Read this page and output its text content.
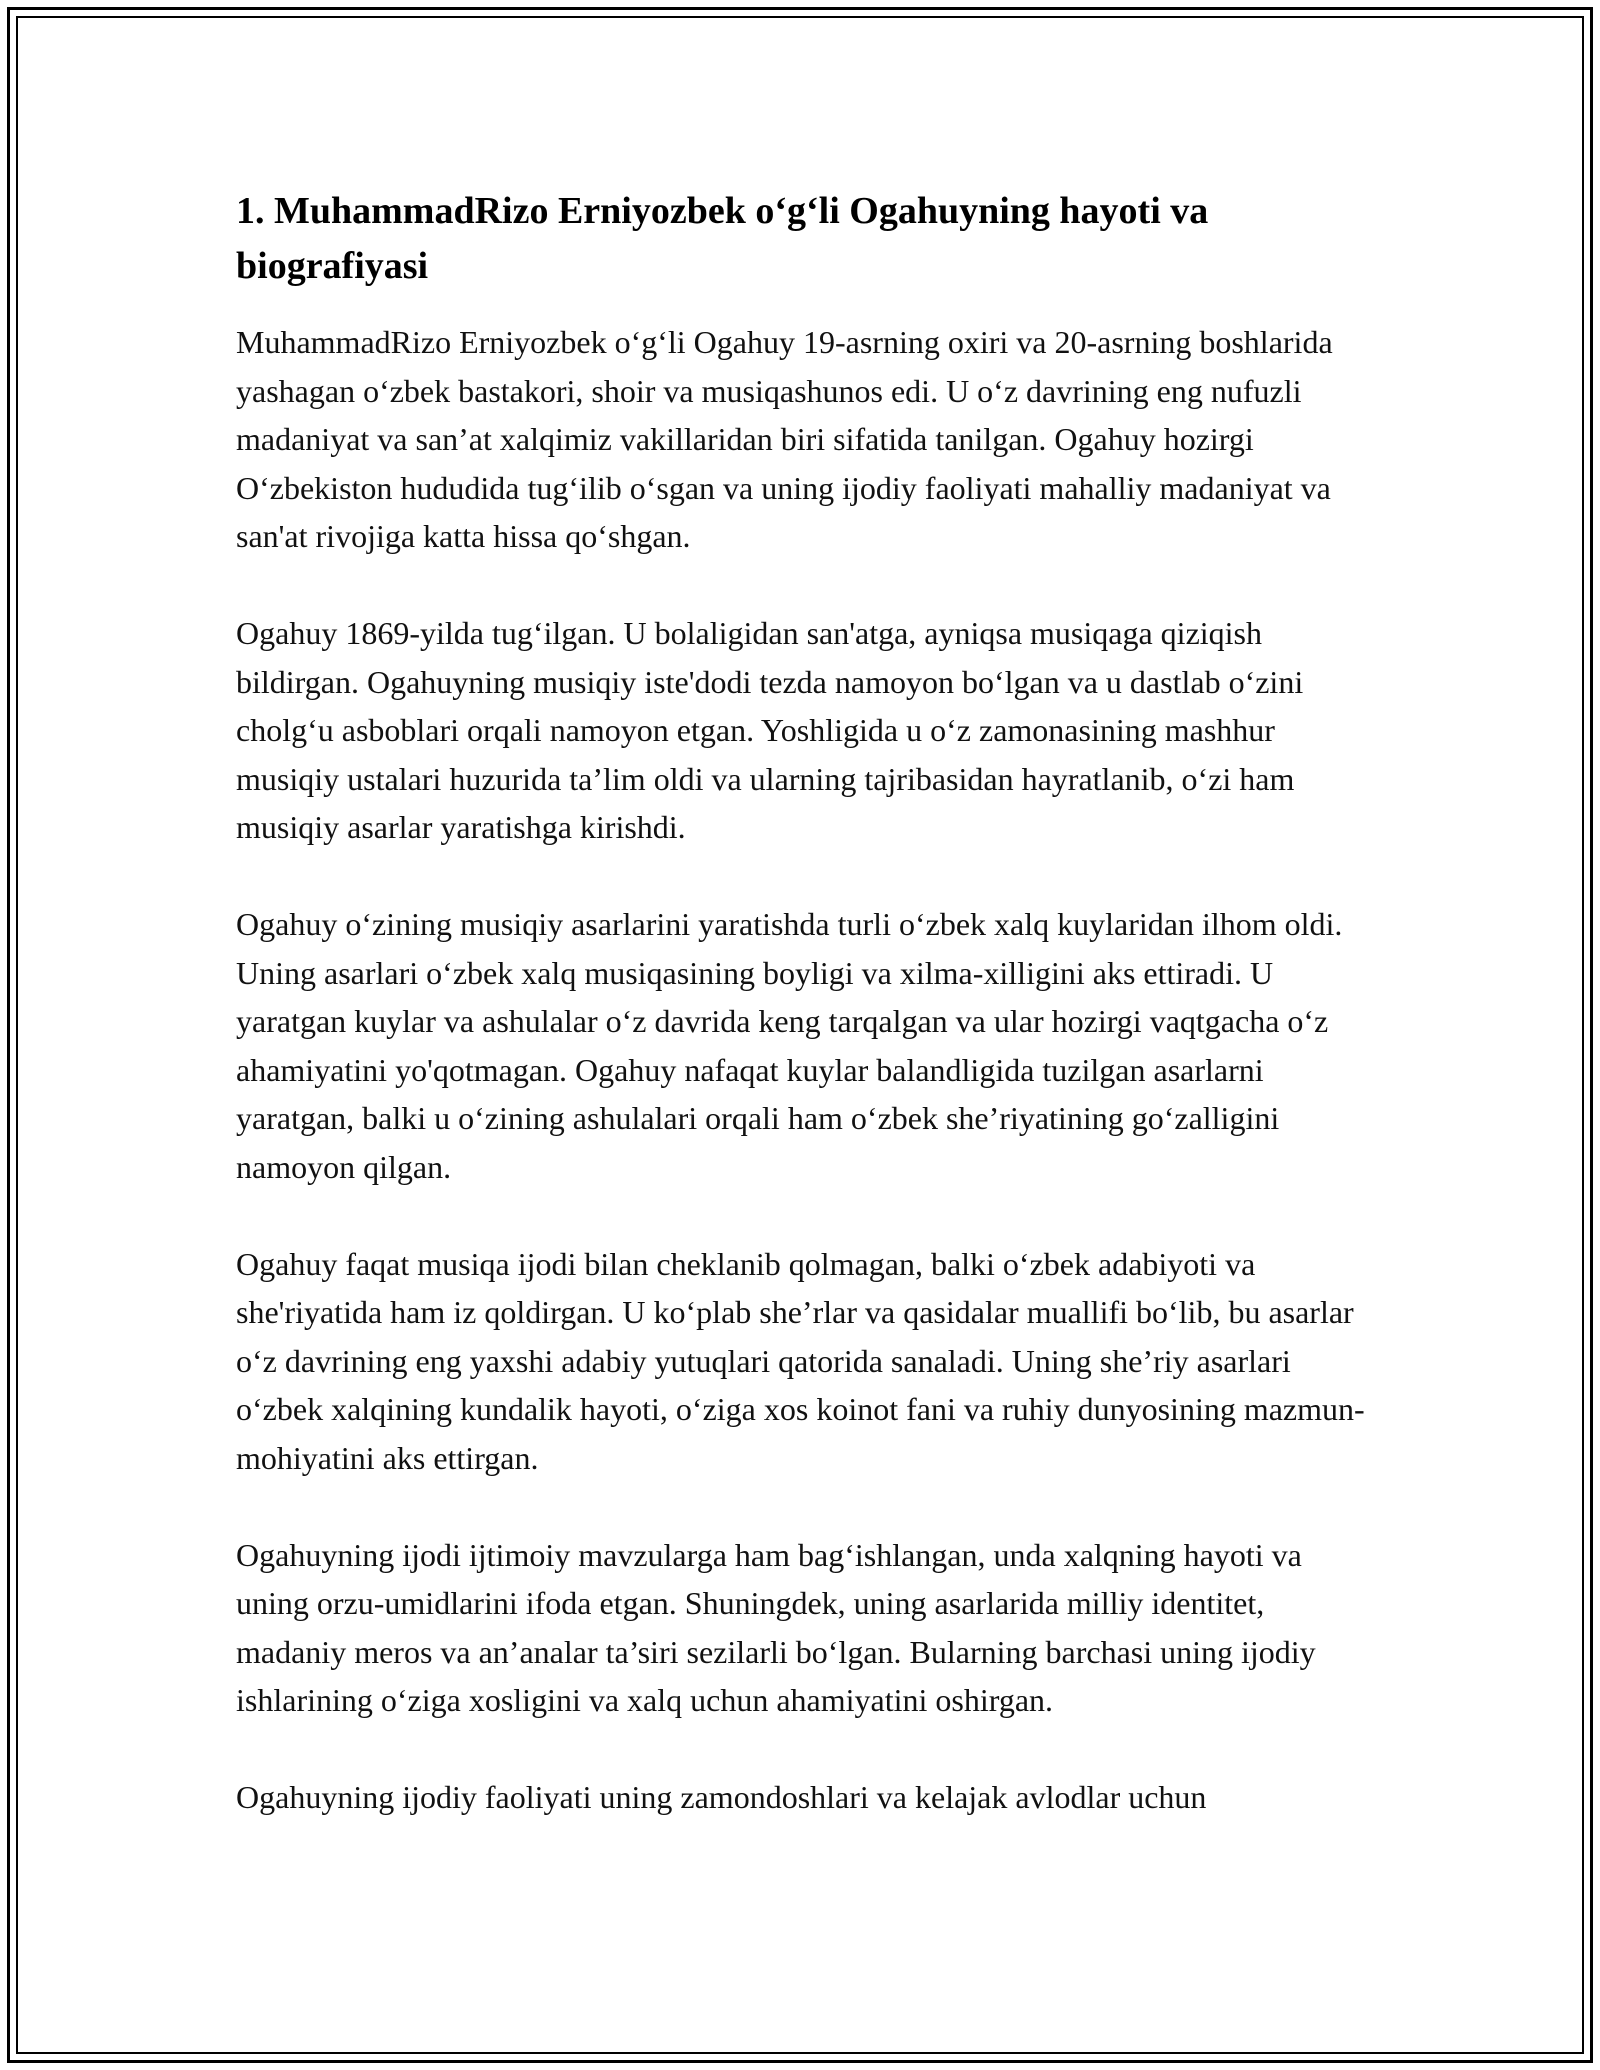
1. MuhammadRizo Erniyozbek o‘g‘li Ogahuyning hayoti va biografiyasi

MuhammadRizo Erniyozbek o‘g‘li Ogahuy 19-asrning oxiri va 20-asrning boshlarida yashagan o‘zbek bastakori, shoir va musiqashunos edi. U o‘z davrining eng nufuzli madaniyat va san’at xalqimiz vakillaridan biri sifatida tanilgan. Ogahuy hozirgi O‘zbekiston hududida tug‘ilib o‘sgan va uning ijodiy faoliyati mahalliy madaniyat va san'at rivojiga katta hissa qo‘shgan.

Ogahuy 1869-yilda tug‘ilgan. U bolaligidan san'atga, ayniqsa musiqaga qiziqish bildirgan. Ogahuyning musiqiy iste'dodi tezda namoyon bo‘lgan va u dastlab o‘zini cholg‘u asboblari orqali namoyon etgan. Yoshligida u o‘z zamonasining mashhur musiqiy ustalari huzurida ta’lim oldi va ularning tajribasidan hayratlanib, o‘zi ham musiqiy asarlar yaratishga kirishdi.

Ogahuy o‘zining musiqiy asarlarini yaratishda turli o‘zbek xalq kuylaridan ilhom oldi. Uning asarlari o‘zbek xalq musiqasining boyligi va xilma-xilligini aks ettiradi. U yaratgan kuylar va ashulalar o‘z davrida keng tarqalgan va ular hozirgi vaqtgacha o‘z ahamiyatini yo'qotmagan. Ogahuy nafaqat kuylar balandligida tuzilgan asarlarni yaratgan, balki u o‘zining ashulalari orqali ham o‘zbek she’riyatining go‘zalligini namoyon qilgan.

Ogahuy faqat musiqa ijodi bilan cheklanib qolmagan, balki o‘zbek adabiyoti va she'riyatida ham iz qoldirgan. U ko‘plab she’rlar va qasidalar muallifi bo‘lib, bu asarlar o‘z davrining eng yaxshi adabiy yutuqlari qatorida sanaladi. Uning she’riy asarlari o‘zbek xalqining kundalik hayoti, o‘ziga xos koinot fani va ruhiy dunyosining mazmun-mohiyatini aks ettirgan.

Ogahuyning ijodi ijtimoiy mavzularga ham bag‘ishlangan, unda xalqning hayoti va uning orzu-umidlarini ifoda etgan. Shuningdek, uning asarlarida milliy identitet, madaniy meros va an’analar ta’siri sezilarli bo‘lgan. Bularning barchasi uning ijodiy ishlarining o‘ziga xosligini va xalq uchun ahamiyatini oshirgan.

Ogahuyning ijodiy faoliyati uning zamondoshlari va kelajak avlodlar uchun
